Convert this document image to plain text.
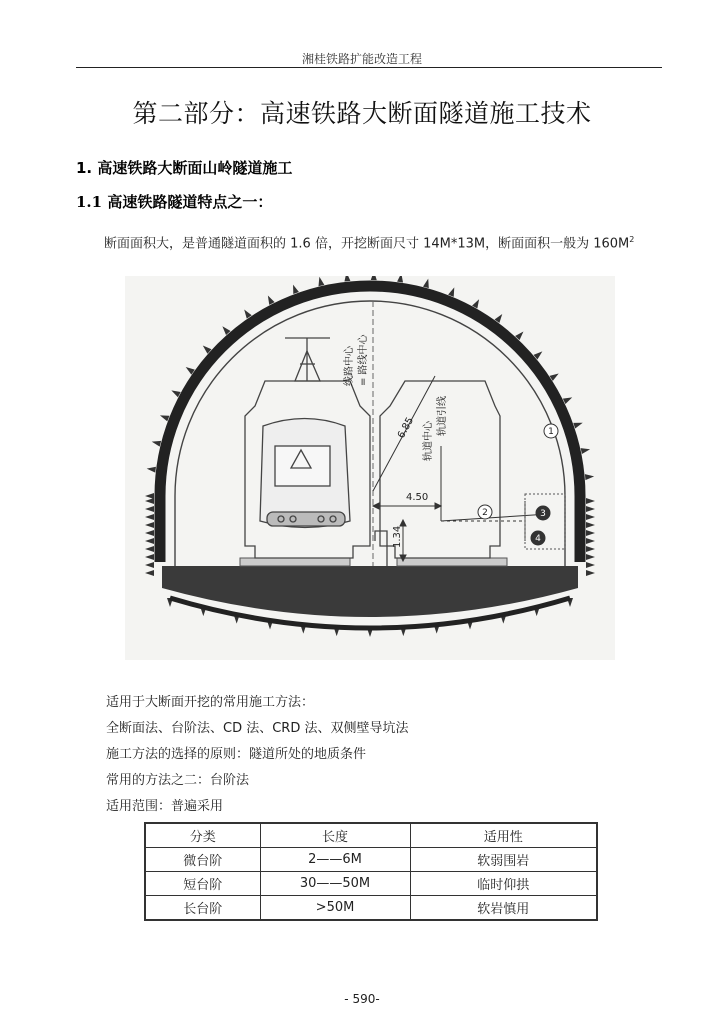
湘桂铁路扩能改造工程
第二部分：高速铁路大断面隧道施工技术
1. 高速铁路大断面山岭隧道施工
1.1 高速铁路隧道特点之一：
断面面积大，是普通隧道面积的 1.6 倍，开挖断面尺寸 14M*13M，断面面积一般为 $160M^2$
线路中心 = 路线中心
轨道中心
轨道引线
6.85
4.50
1.34
1
2	3
4
适用于大断面开挖的常用施工方法：
全断面法、台阶法、CD 法、CRD 法、双侧壁导坑法
施工方法的选择的原则：隧道所处的地质条件
常用的方法之二：台阶法
适用范围：普遍采用
分类	长度	适用性
微台阶	2——6M	软弱围岩
短台阶	30——50M	临时仰拱
长台阶	>50M	软岩慎用
- 590-
